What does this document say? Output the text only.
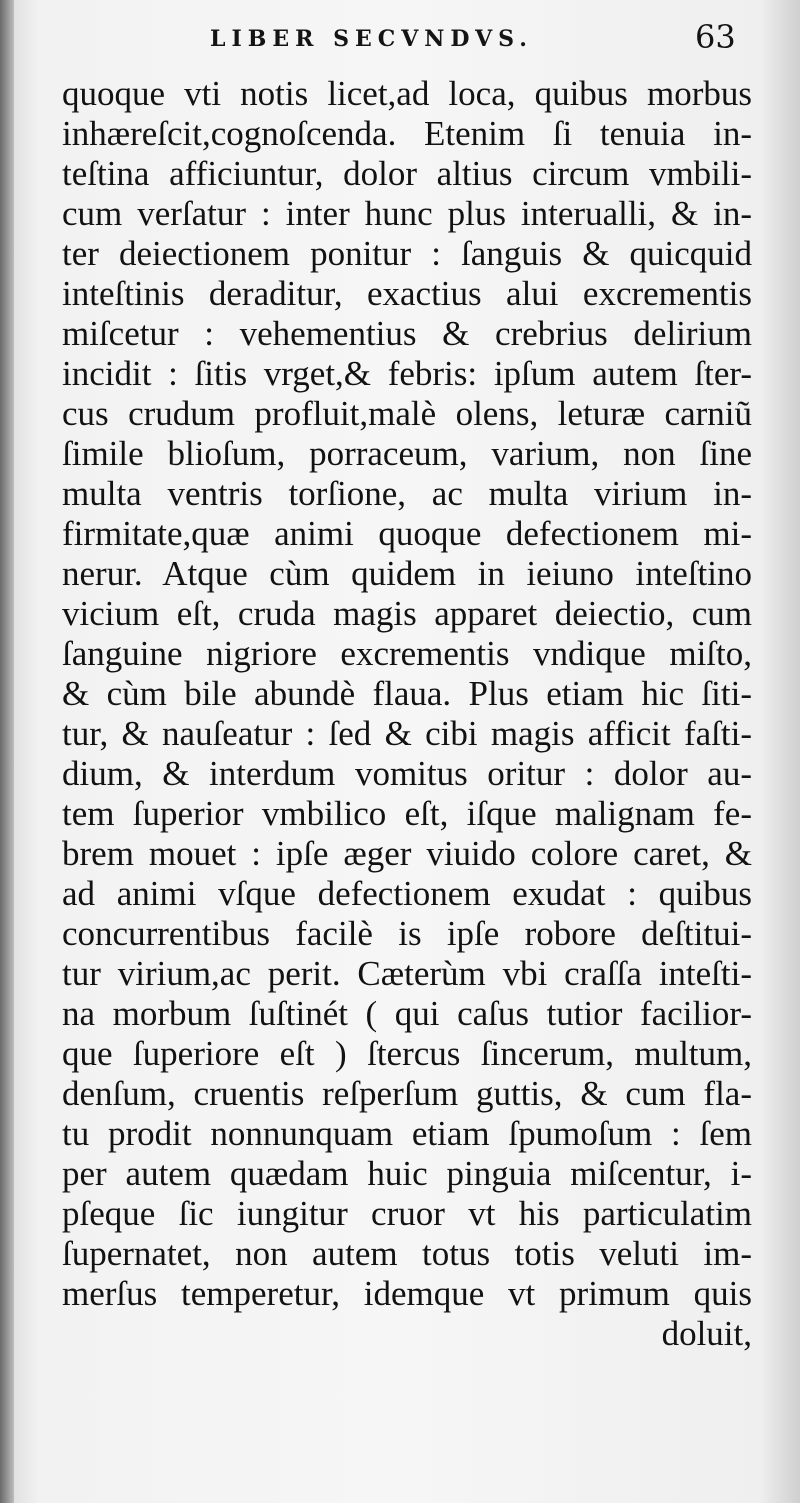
LIBER SECVNDVS.	63
quoque vti notis licet,ad loca, quibus morbus
inhæreſcit,cognoſcenda. Etenim ſi tenuia in-
teſtina afficiuntur, dolor altius circum vmbili-
cum verſatur : inter hunc plus interualli, & in-
ter deiectionem ponitur : ſanguis & quicquid
inteſtinis deraditur, exactius alui excrementis
miſcetur : vehementius & crebrius delirium
incidit : ſitis vrget,& febris: ipſum autem ſter-
cus crudum profluit,malè olens, leturæ carniũ
ſimile blioſum, porraceum, varium, non ſine
multa ventris torſione, ac multa virium in-
firmitate,quæ animi quoque defectionem mi-
nerur. Atque cùm quidem in ieiuno inteſtino
vicium eſt, cruda magis apparet deiectio, cum
ſanguine nigriore excrementis vndique miſto,
& cùm bile abundè flaua. Plus etiam hic ſiti-
tur, & nauſeatur : ſed & cibi magis afficit faſti-
dium, & interdum vomitus oritur : dolor au-
tem ſuperior vmbilico eſt, iſque malignam fe-
brem mouet : ipſe æger viuido colore caret, &
ad animi vſque defectionem exudat : quibus
concurrentibus facilè is ipſe robore deſtitui-
tur virium,ac perit. Cæterùm vbi craſſa inteſti-
na morbum ſuſtinét ( qui caſus tutior facilior-
que ſuperiore eſt ) ſtercus ſincerum, multum,
denſum, cruentis reſperſum guttis, & cum fla-
tu prodit nonnunquam etiam ſpumoſum : ſem
per autem quædam huic pinguia miſcentur, i-
pſeque ſic iungitur cruor vt his particulatim
ſupernatet, non autem totus totis veluti im-
merſus temperetur, idemque vt primum quis
doluit,
